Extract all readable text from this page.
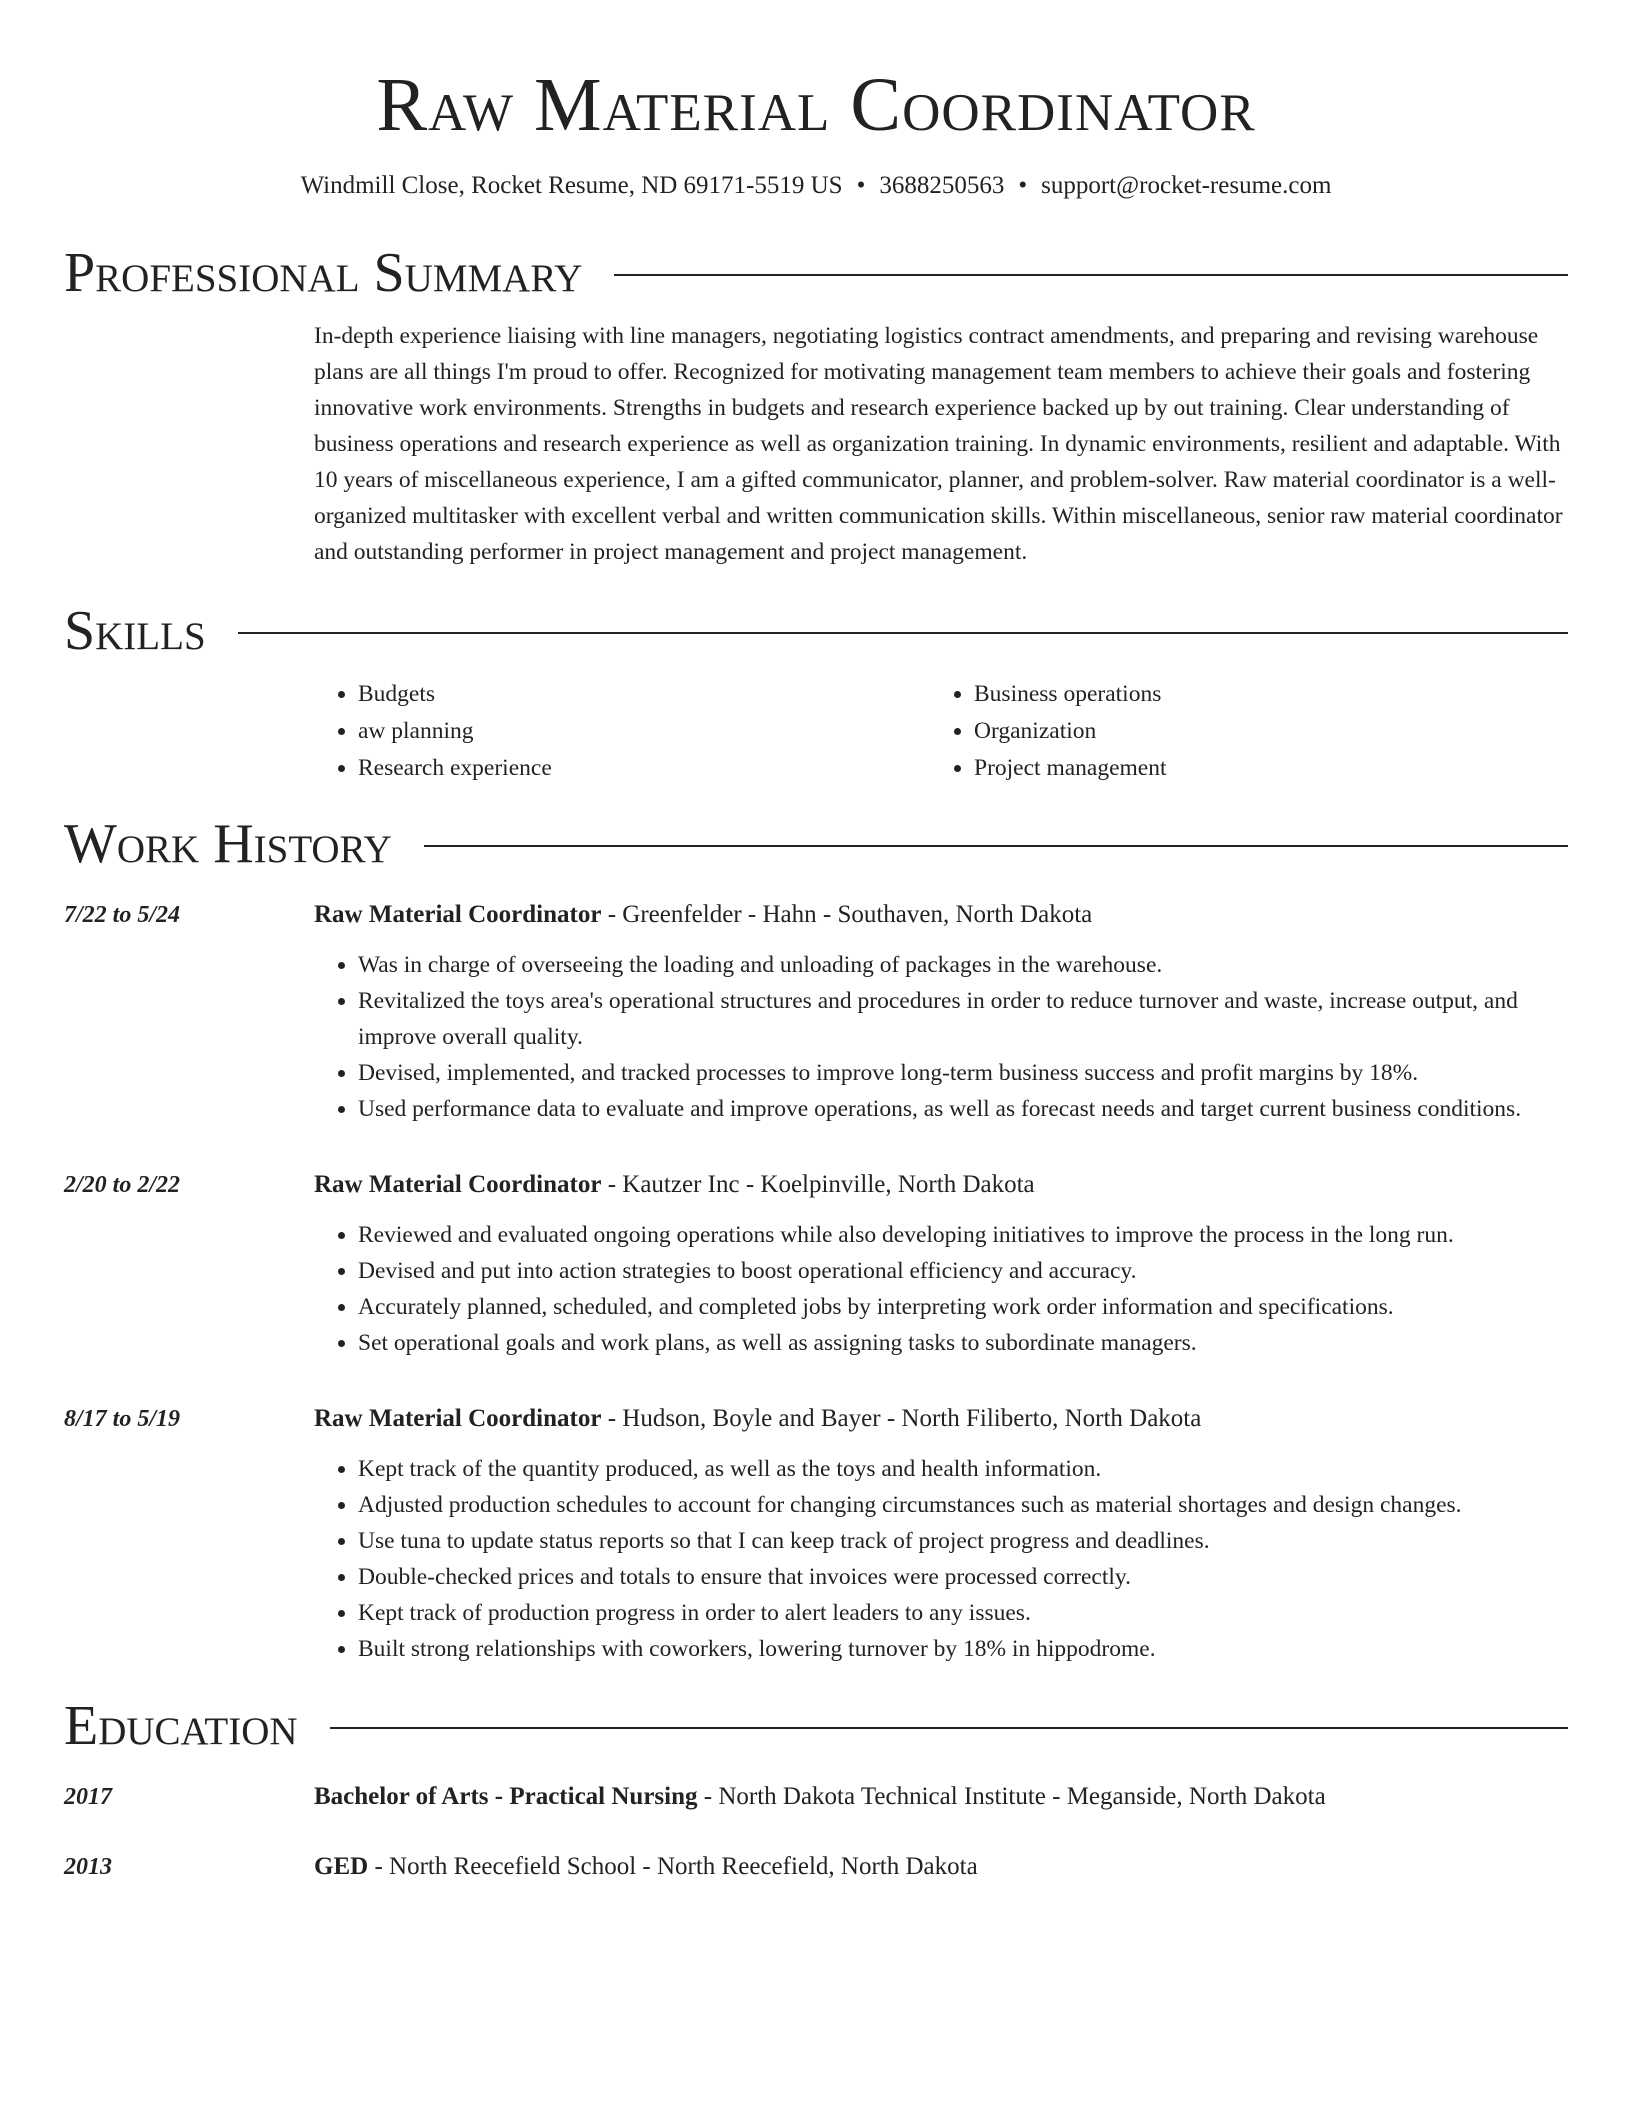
Raw Material Coordinator
Windmill Close, Rocket Resume, ND 69171-5519 US • 3688250563 • support@rocket-resume.com
Professional Summary
In-depth experience liaising with line managers, negotiating logistics contract amendments, and preparing and revising warehouse plans are all things I'm proud to offer. Recognized for motivating management team members to achieve their goals and fostering innovative work environments. Strengths in budgets and research experience backed up by out training. Clear understanding of business operations and research experience as well as organization training. In dynamic environments, resilient and adaptable. With 10 years of miscellaneous experience, I am a gifted communicator, planner, and problem-solver. Raw material coordinator is a well-organized multitasker with excellent verbal and written communication skills. Within miscellaneous, senior raw material coordinator and outstanding performer in project management and project management.
Skills
• Budgets
• aw planning
• Research experience
• Business operations
• Organization
• Project management
Work History
7/22 to 5/24	Raw Material Coordinator - Greenfelder - Hahn - Southaven, North Dakota
• Was in charge of overseeing the loading and unloading of packages in the warehouse.
• Revitalized the toys area's operational structures and procedures in order to reduce turnover and waste, increase output, and improve overall quality.
• Devised, implemented, and tracked processes to improve long-term business success and profit margins by 18%.
• Used performance data to evaluate and improve operations, as well as forecast needs and target current business conditions.
2/20 to 2/22	Raw Material Coordinator - Kautzer Inc - Koelpinville, North Dakota
• Reviewed and evaluated ongoing operations while also developing initiatives to improve the process in the long run.
• Devised and put into action strategies to boost operational efficiency and accuracy.
• Accurately planned, scheduled, and completed jobs by interpreting work order information and specifications.
• Set operational goals and work plans, as well as assigning tasks to subordinate managers.
8/17 to 5/19	Raw Material Coordinator - Hudson, Boyle and Bayer - North Filiberto, North Dakota
• Kept track of the quantity produced, as well as the toys and health information.
• Adjusted production schedules to account for changing circumstances such as material shortages and design changes.
• Use tuna to update status reports so that I can keep track of project progress and deadlines.
• Double-checked prices and totals to ensure that invoices were processed correctly.
• Kept track of production progress in order to alert leaders to any issues.
• Built strong relationships with coworkers, lowering turnover by 18% in hippodrome.
Education
2017	Bachelor of Arts - Practical Nursing - North Dakota Technical Institute - Meganside, North Dakota
2013	GED - North Reecefield School - North Reecefield, North Dakota
